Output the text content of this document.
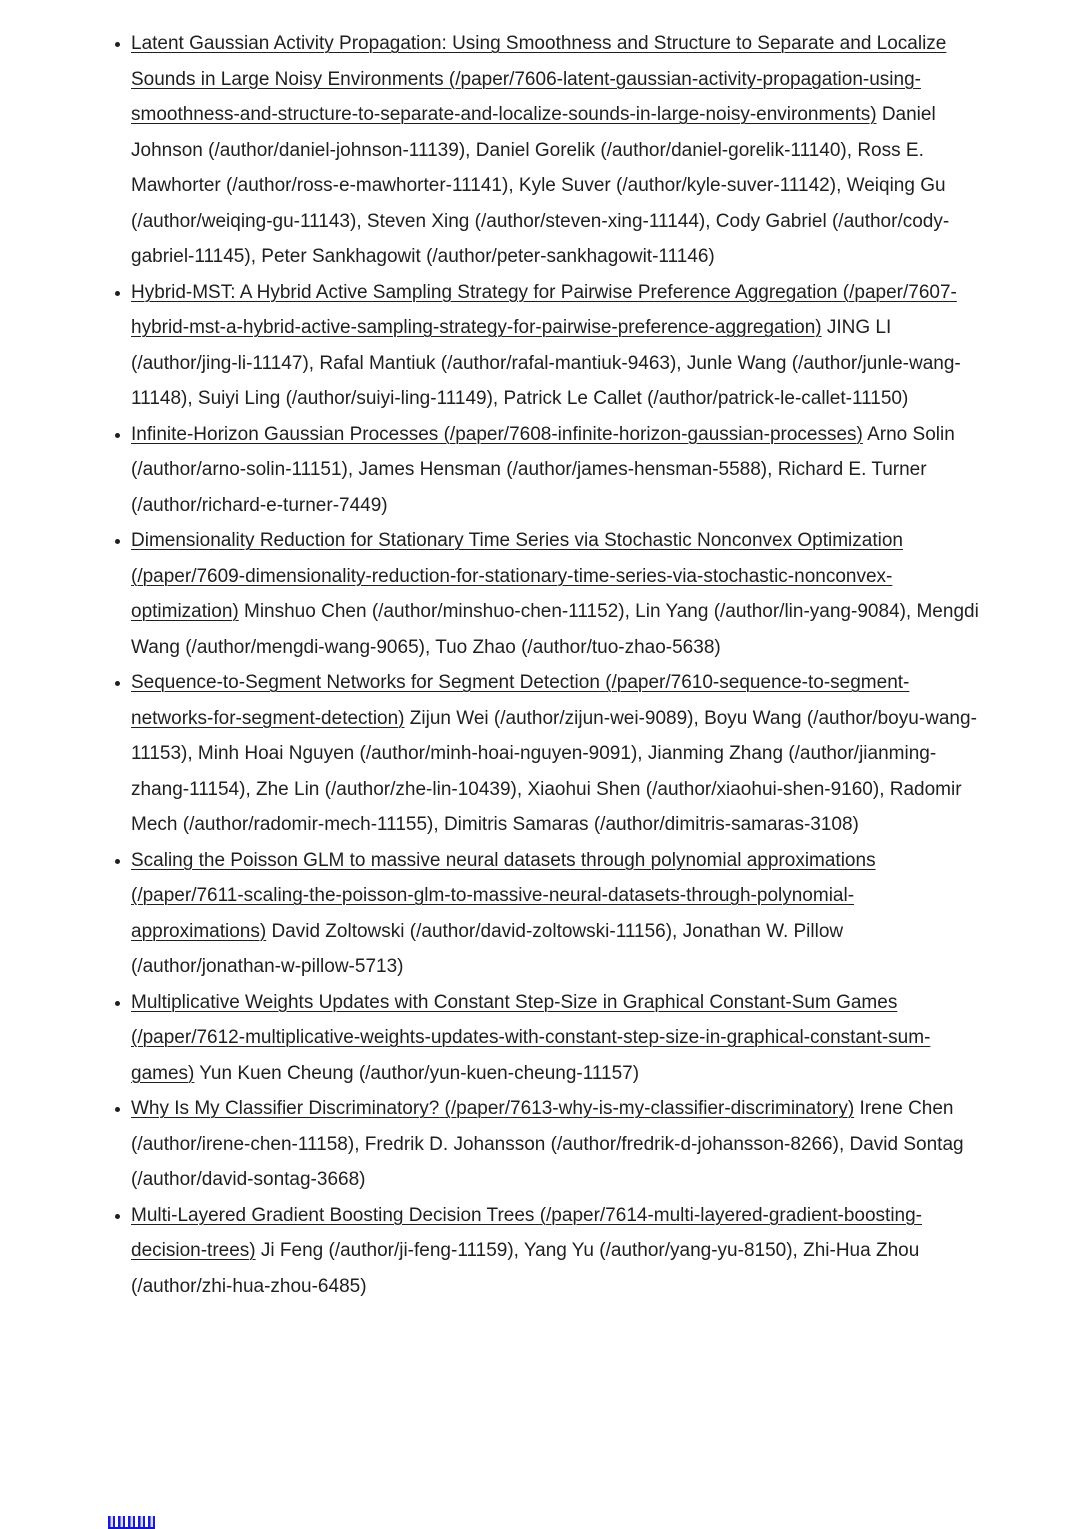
• Latent Gaussian Activity Propagation: Using Smoothness and Structure to Separate and Localize Sounds in Large Noisy Environments (/paper/7606-latent-gaussian-activity-propagation-using-smoothness-and-structure-to-separate-and-localize-sounds-in-large-noisy-environments) Daniel Johnson (/author/daniel-johnson-11139), Daniel Gorelik (/author/daniel-gorelik-11140), Ross E. Mawhorter (/author/ross-e-mawhorter-11141), Kyle Suver (/author/kyle-suver-11142), Weiqing Gu (/author/weiqing-gu-11143), Steven Xing (/author/steven-xing-11144), Cody Gabriel (/author/cody-gabriel-11145), Peter Sankhagowit (/author/peter-sankhagowit-11146)
• Hybrid-MST: A Hybrid Active Sampling Strategy for Pairwise Preference Aggregation (/paper/7607-hybrid-mst-a-hybrid-active-sampling-strategy-for-pairwise-preference-aggregation) JING LI (/author/jing-li-11147), Rafal Mantiuk (/author/rafal-mantiuk-9463), Junle Wang (/author/junle-wang-11148), Suiyi Ling (/author/suiyi-ling-11149), Patrick Le Callet (/author/patrick-le-callet-11150)
• Infinite-Horizon Gaussian Processes (/paper/7608-infinite-horizon-gaussian-processes) Arno Solin (/author/arno-solin-11151), James Hensman (/author/james-hensman-5588), Richard E. Turner (/author/richard-e-turner-7449)
• Dimensionality Reduction for Stationary Time Series via Stochastic Nonconvex Optimization (/paper/7609-dimensionality-reduction-for-stationary-time-series-via-stochastic-nonconvex-optimization) Minshuo Chen (/author/minshuo-chen-11152), Lin Yang (/author/lin-yang-9084), Mengdi Wang (/author/mengdi-wang-9065), Tuo Zhao (/author/tuo-zhao-5638)
• Sequence-to-Segment Networks for Segment Detection (/paper/7610-sequence-to-segment-networks-for-segment-detection) Zijun Wei (/author/zijun-wei-9089), Boyu Wang (/author/boyu-wang-11153), Minh Hoai Nguyen (/author/minh-hoai-nguyen-9091), Jianming Zhang (/author/jianming-zhang-11154), Zhe Lin (/author/zhe-lin-10439), Xiaohui Shen (/author/xiaohui-shen-9160), Radomir Mech (/author/radomir-mech-11155), Dimitris Samaras (/author/dimitris-samaras-3108)
• Scaling the Poisson GLM to massive neural datasets through polynomial approximations (/paper/7611-scaling-the-poisson-glm-to-massive-neural-datasets-through-polynomial-approximations) David Zoltowski (/author/david-zoltowski-11156), Jonathan W. Pillow (/author/jonathan-w-pillow-5713)
• Multiplicative Weights Updates with Constant Step-Size in Graphical Constant-Sum Games (/paper/7612-multiplicative-weights-updates-with-constant-step-size-in-graphical-constant-sum-games) Yun Kuen Cheung (/author/yun-kuen-cheung-11157)
• Why Is My Classifier Discriminatory? (/paper/7613-why-is-my-classifier-discriminatory) Irene Chen (/author/irene-chen-11158), Fredrik D. Johansson (/author/fredrik-d-johansson-8266), David Sontag (/author/david-sontag-3668)
• Multi-Layered Gradient Boosting Decision Trees (/paper/7614-multi-layered-gradient-boosting-decision-trees) Ji Feng (/author/ji-feng-11159), Yang Yu (/author/yang-yu-8150), Zhi-Hua Zhou (/author/zhi-hua-zhou-6485)
